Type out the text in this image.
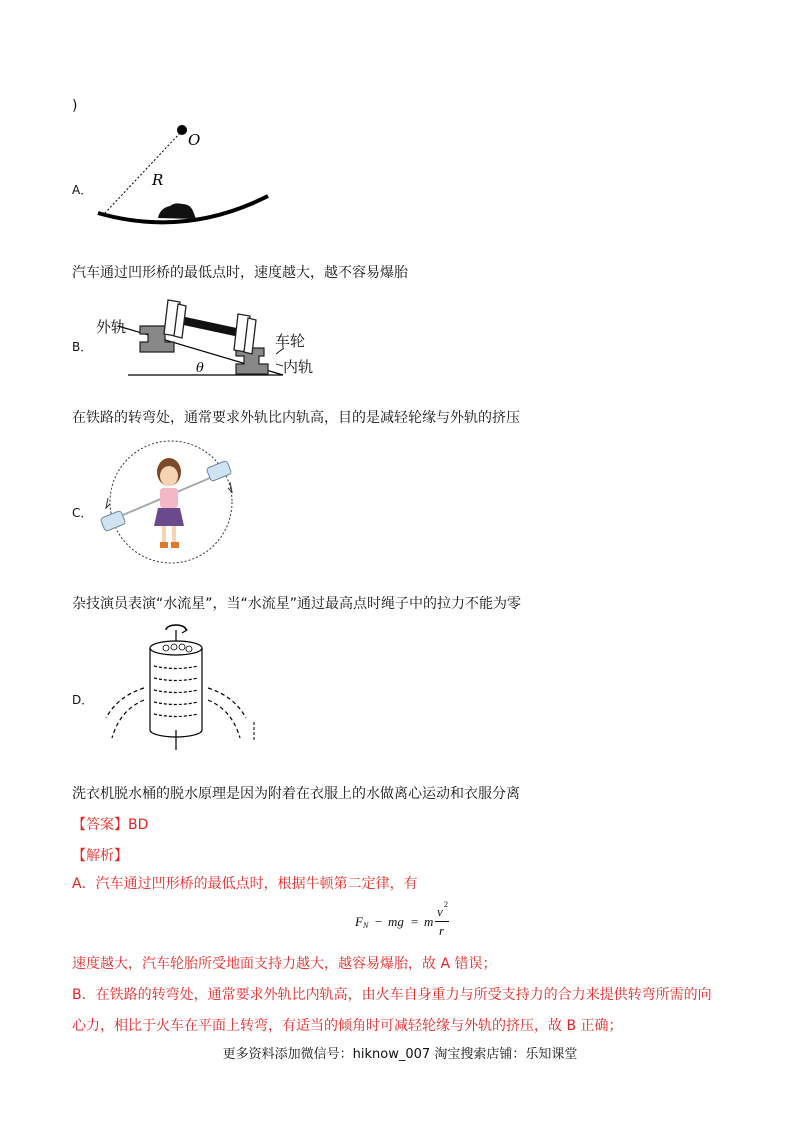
)
A．
O
R
汽车通过凹形桥的最低点时，速度越大，越不容易爆胎
B．
θ
外轨
车轮
内轨
在铁路的转弯处，通常要求外轨比内轨高，目的是减轻轮缘与外轨的挤压
C．
杂技演员表演“水流星”，当“水流星”通过最高点时绳子中的拉力不能为零
D．
洗衣机脱水桶的脱水原理是因为附着在衣服上的水做离心运动和衣服分离
【答案】BD
【解析】
A．汽车通过凹形桥的最低点时，根据牛顿第二定律，有
F N − mg = m
v 2
r
速度越大，汽车轮胎所受地面支持力越大，越容易爆胎，故 A 错误；
B．在铁路的转弯处，通常要求外轨比内轨高，由火车自身重力与所受支持力的合力来提供转弯所需的向
心力，相比于火车在平面上转弯，有适当的倾角时可减轻轮缘与外轨的挤压，故 B 正确；
更多资料添加微信号：hiknow_007 淘宝搜索店铺：乐知课堂
